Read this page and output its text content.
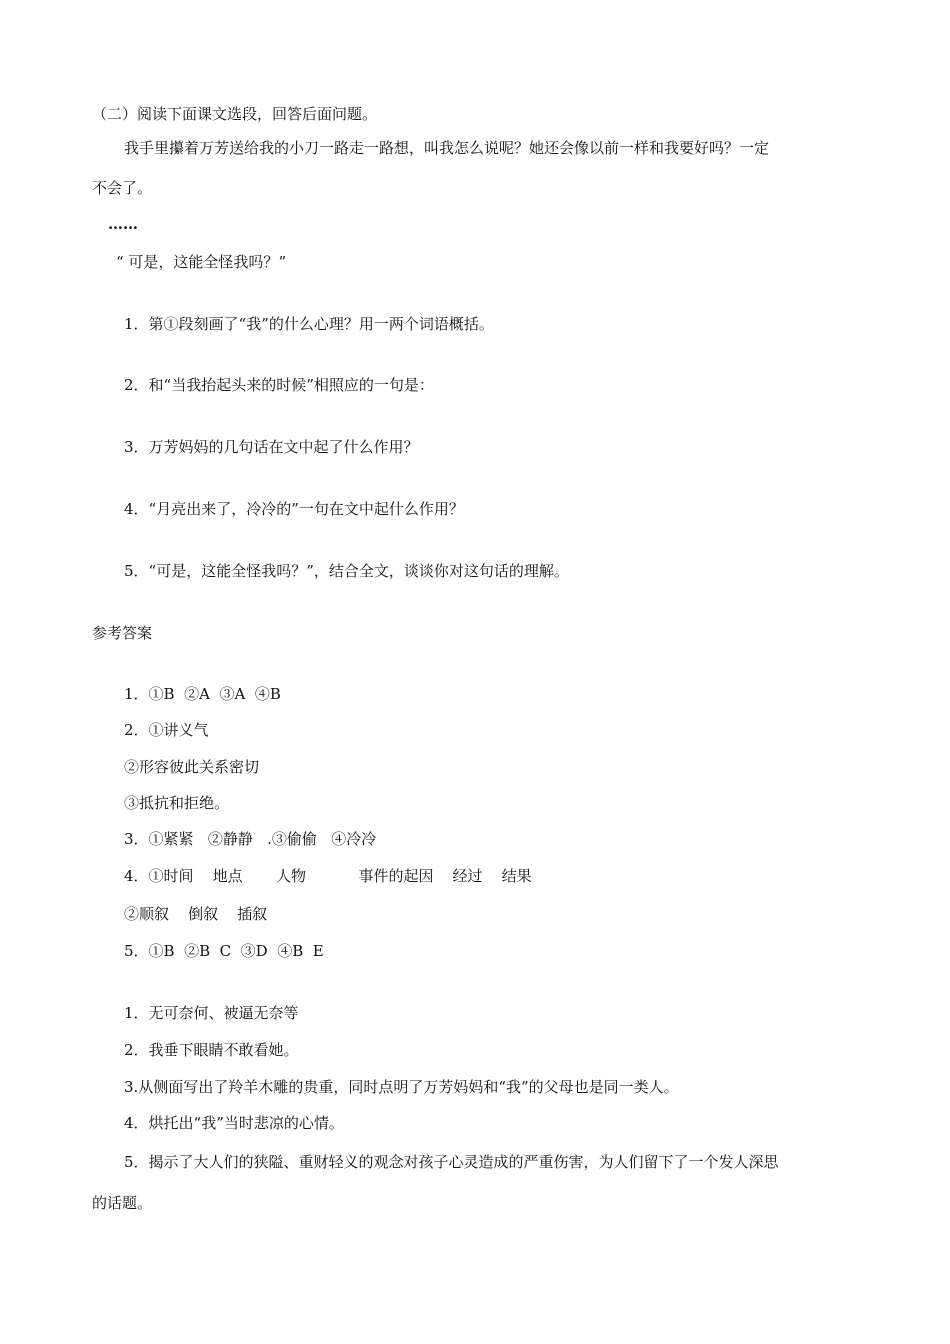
（二）阅读下面课文选段，回答后面问题。
我手里攥着万芳送给我的小刀一路走一路想，叫我怎么说呢？她还会像以前一样和我要好吗？一定
不会了。
……
“ 可是，这能全怪我吗？”
1．第①段刻画了“我”的什么心理？用一两个词语概括。
2．和“当我抬起头来的时候”相照应的一句是：
3．万芳妈妈的几句话在文中起了什么作用？
4．“月亮出来了，冷冷的”一句在文中起什么作用？
5．“可是，这能全怪我吗？”，结合全文，谈谈你对这句话的理解。
参考答案
1．①B  ②A  ③A  ④B
2．①讲义气
②形容彼此关系密切
③抵抗和拒绝。
3．①紧紧   ②静静   .③偷偷   ④冷冷
4．①时间    地点       人物           事件的起因    经过    结果
②顺叙    倒叙    插叙
5．①B  ②B  C  ③D  ④B  E
1．无可奈何、被逼无奈等
2．我垂下眼睛不敢看她。
3.从侧面写出了羚羊木雕的贵重，同时点明了万芳妈妈和“我”的父母也是同一类人。
4．烘托出“我”当时悲凉的心情。
5．揭示了大人们的狭隘、重财轻义的观念对孩子心灵造成的严重伤害，为人们留下了一个发人深思
的话题。
